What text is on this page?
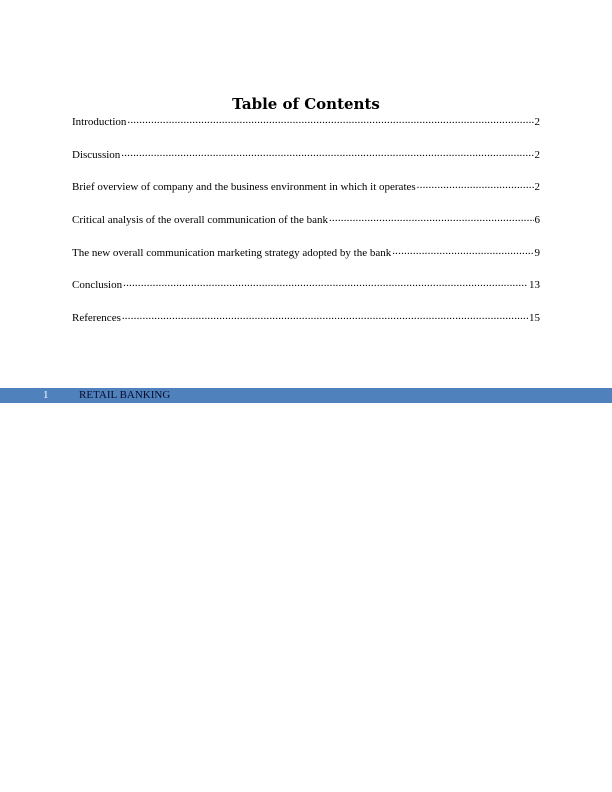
Table of Contents
Introduction .....	2
Discussion .....	2
Brief overview of company and the business environment in which it operates .....	2
Critical analysis of the overall communication of the bank .....	6
The new overall communication marketing strategy adopted by the bank .....	9
Conclusion .....	13
References .....	15
1	RETAIL BANKING
